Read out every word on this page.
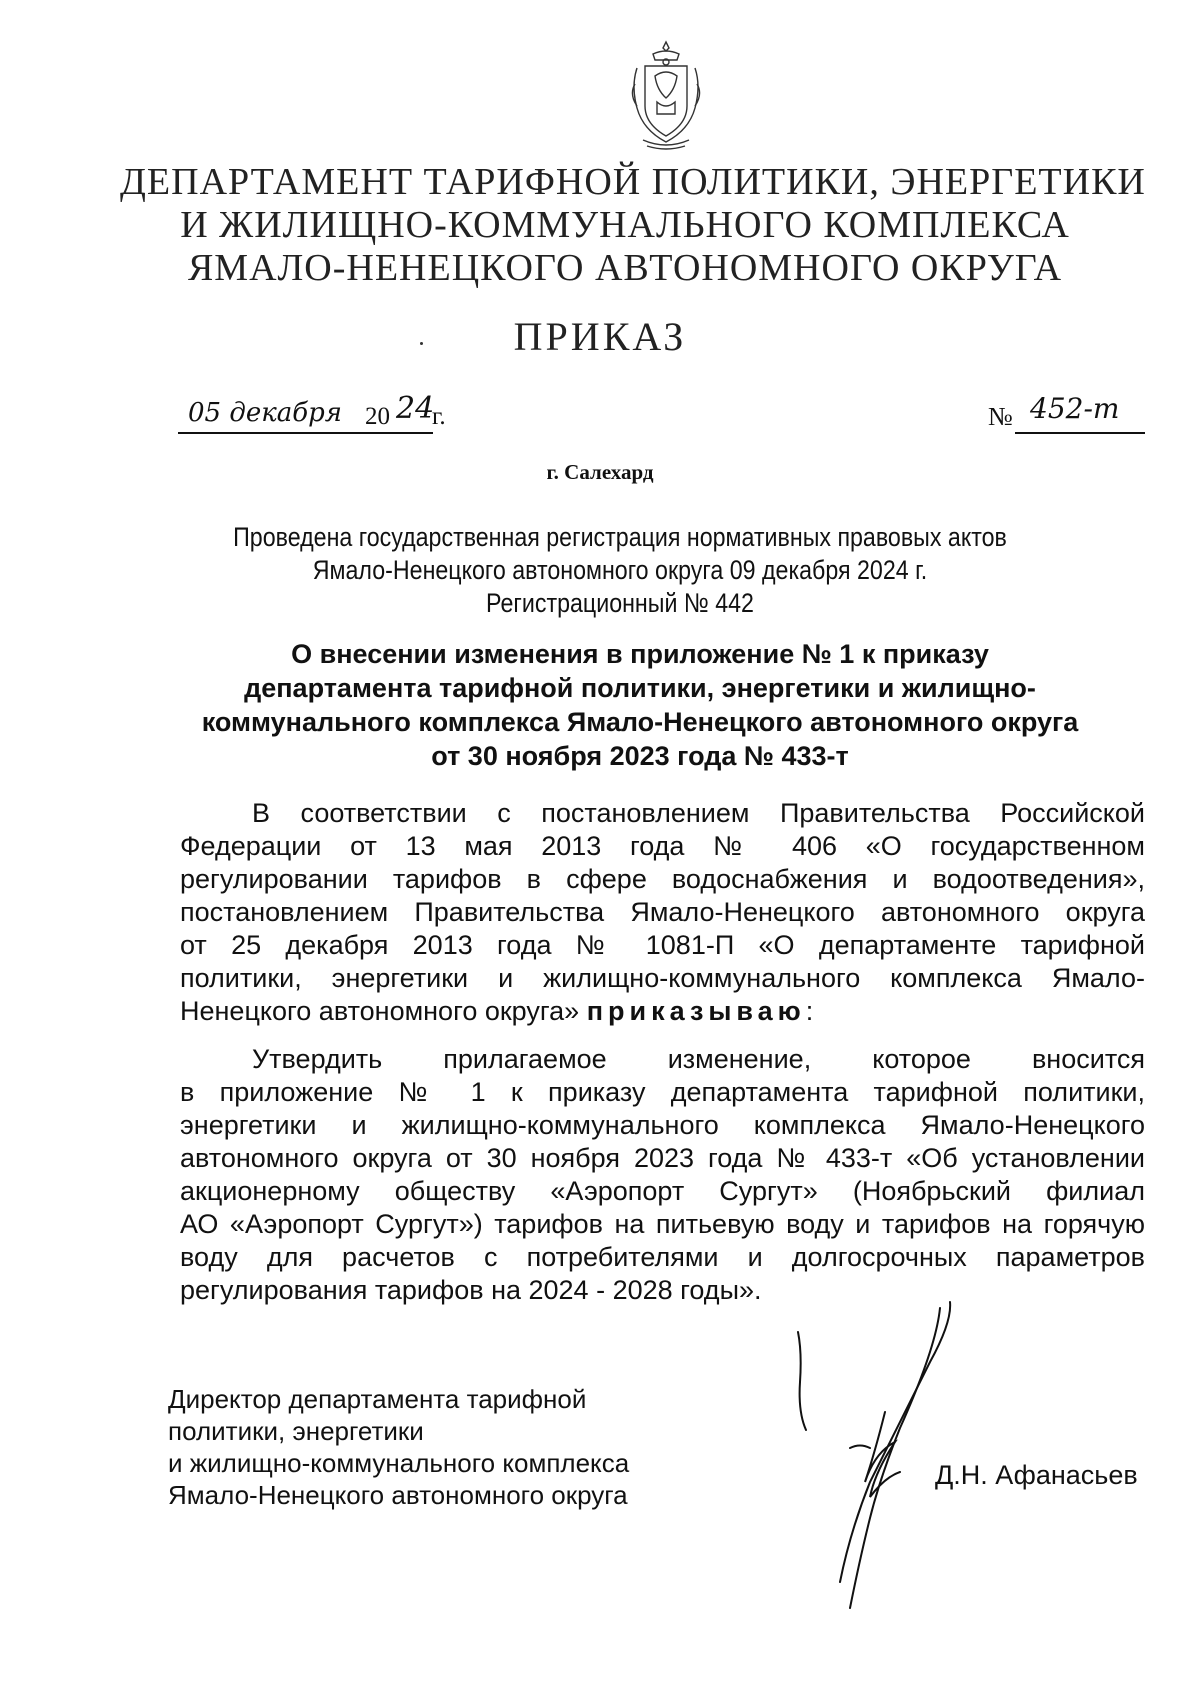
ДЕПАРТАМЕНТ ТАРИФНОЙ ПОЛИТИКИ, ЭНЕРГЕТИКИ
И ЖИЛИЩНО-КОММУНАЛЬНОГО КОМПЛЕКСА
ЯМАЛО-НЕНЕЦКОГО АВТОНОМНОГО ОКРУГА
ПРИКАЗ
05 декабря 20 24
г.	№ 452-т
г. Салехард
Проведена государственная регистрация нормативных правовых актов
Ямало-Ненецкого автономного округа 09 декабря 2024 г.
Регистрационный № 442
О внесении изменения в приложение № 1 к приказу
департамента тарифной политики, энергетики и жилищно-
коммунального комплекса Ямало-Ненецкого автономного округа
от 30 ноября 2023 года № 433-т
В соответствии с постановлением Правительства Российской
Федерации от 13 мая 2013 года № 406 «О государственном
регулировании тарифов в сфере водоснабжения и водоотведения»,
постановлением Правительства Ямало-Ненецкого автономного округа
от 25 декабря 2013 года № 1081-П «О департаменте тарифной
политики, энергетики и жилищно-коммунального комплекса Ямало-
Ненецкого автономного округа» приказываю:
Утвердить прилагаемое изменение, которое вносится
в приложение № 1 к приказу департамента тарифной политики,
энергетики и жилищно-коммунального комплекса Ямало-Ненецкого
автономного округа от 30 ноября 2023 года № 433-т «Об установлении
акционерному обществу «Аэропорт Сургут» (Ноябрьский филиал
АО «Аэропорт Сургут») тарифов на питьевую воду и тарифов на горячую
воду для расчетов с потребителями и долгосрочных параметров
регулирования тарифов на 2024 - 2028 годы».
Директор департамента тарифной
политики, энергетики
и жилищно-коммунального комплекса
Ямало-Ненецкого автономного округа
Д.Н. Афанасьев
